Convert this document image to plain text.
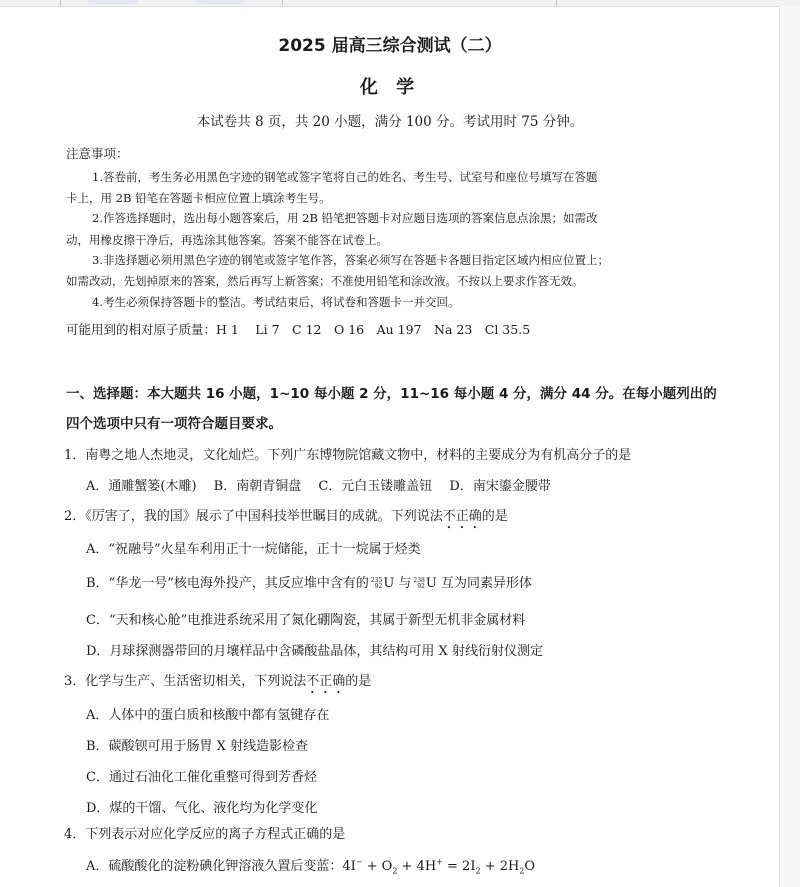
2025 届高三综合测试（二）

化 学

本试卷共 8 页，共 20 小题，满分 100 分。考试用时 75 分钟。

注意事项：

1.答卷前，考生务必用黑色字迹的钢笔或签字笔将自己的姓名、考生号、试室号和座位号填写在答题

卡上，用 2B 铅笔在答题卡相应位置上填涂考生号。

2.作答选择题时，选出每小题答案后，用 2B 铅笔把答题卡对应题目选项的答案信息点涂黑；如需改

动，用橡皮擦干净后，再选涂其他答案。答案不能答在试卷上。

3.非选择题必须用黑色字迹的钢笔或签字笔作答，答案必须写在答题卡各题目指定区域内相应位置上；

如需改动，先划掉原来的答案，然后再写上新答案；不准使用铅笔和涂改液。不按以上要求作答无效。

4.考生必须保持答题卡的整洁。考试结束后，将试卷和答题卡一并交回。

可能用到的相对原子质量：H 1　 Li 7　C 12　O 16　Au 197　Na 23　Cl 35.5

一、选择题：本大题共 16 小题，1~10 每小题 2 分，11~16 每小题 4 分，满分 44 分。在每小题列出的

四个选项中只有一项符合题目要求。

1．南粤之地人杰地灵，文化灿烂。下列广东博物院馆藏文物中，材料的主要成分为有机高分子的是

A．通雕蟹篓(木雕)　 B．南朝青铜盘　 C．元白玉镂雕盖钮　 D．南宋鎏金腰带

2．《厉害了，我的国》展示了中国科技举世瞩目的成就。下列说法不正确的是

A．“祝融号”火星车利用正十一烷储能，正十一烷属于烃类

B．“华龙一号”核电海外投产，其反应堆中含有的 235
92 U 与 238
92 U 互为同素异形体

C．“天和核心舱”电推进系统采用了氮化硼陶瓷，其属于新型无机非金属材料

D．月球探测器带回的月壤样品中含磷酸盐晶体，其结构可用 X 射线衍射仪测定

3．化学与生产、生活密切相关，下列说法不正确的是

A．人体中的蛋白质和核酸中都有氢键存在

B．碳酸钡可用于肠胃 X 射线造影检查

C．通过石油化工催化重整可得到芳香烃

D．煤的干馏、气化、液化均为化学变化

4．下列表示对应化学反应的离子方程式正确的是

A．硫酸酸化的淀粉碘化钾溶液久置后变蓝：$4I^- + O_2 + 4H^+ = 2I_2 + 2H_2O$
